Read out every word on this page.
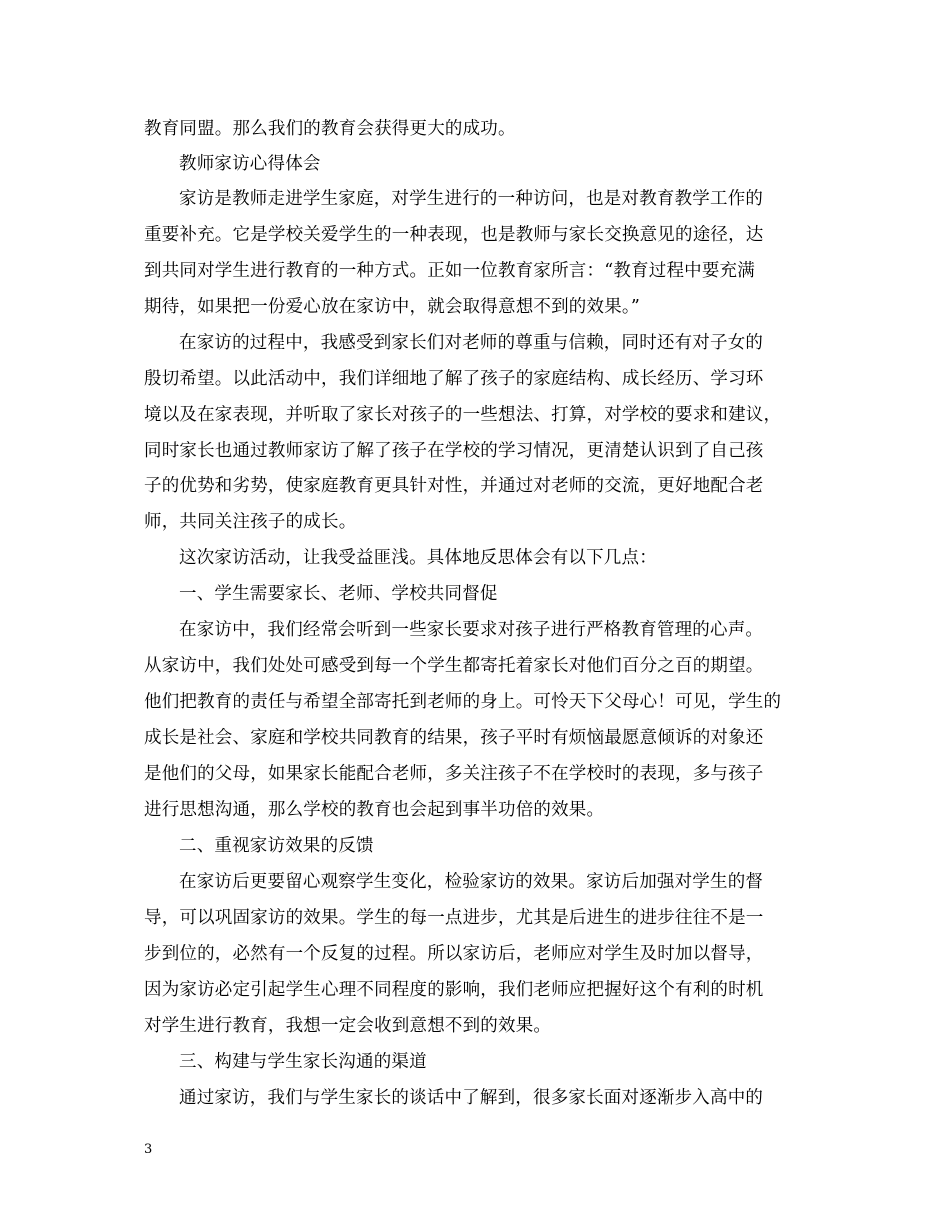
教育同盟。那么我们的教育会获得更大的成功。
教师家访心得体会
家访是教师走进学生家庭，对学生进行的一种访问，也是对教育教学工作的
重要补充。它是学校关爱学生的一种表现，也是教师与家长交换意见的途径，达
到共同对学生进行教育的一种方式。正如一位教育家所言：“教育过程中要充满
期待，如果把一份爱心放在家访中，就会取得意想不到的效果。”
在家访的过程中，我感受到家长们对老师的尊重与信赖，同时还有对子女的
殷切希望。以此活动中，我们详细地了解了孩子的家庭结构、成长经历、学习环
境以及在家表现，并听取了家长对孩子的一些想法、打算，对学校的要求和建议，
同时家长也通过教师家访了解了孩子在学校的学习情况，更清楚认识到了自己孩
子的优势和劣势，使家庭教育更具针对性，并通过对老师的交流，更好地配合老
师，共同关注孩子的成长。
这次家访活动，让我受益匪浅。具体地反思体会有以下几点：
一、学生需要家长、老师、学校共同督促
在家访中，我们经常会听到一些家长要求对孩子进行严格教育管理的心声。
从家访中，我们处处可感受到每一个学生都寄托着家长对他们百分之百的期望。
他们把教育的责任与希望全部寄托到老师的身上。可怜天下父母心！可见，学生的
成长是社会、家庭和学校共同教育的结果，孩子平时有烦恼最愿意倾诉的对象还
是他们的父母，如果家长能配合老师，多关注孩子不在学校时的表现，多与孩子
进行思想沟通，那么学校的教育也会起到事半功倍的效果。
二、重视家访效果的反馈
在家访后更要留心观察学生变化，检验家访的效果。家访后加强对学生的督
导，可以巩固家访的效果。学生的每一点进步，尤其是后进生的进步往往不是一
步到位的，必然有一个反复的过程。所以家访后，老师应对学生及时加以督导，
因为家访必定引起学生心理不同程度的影响，我们老师应把握好这个有利的时机
对学生进行教育，我想一定会收到意想不到的效果。
三、构建与学生家长沟通的渠道
通过家访，我们与学生家长的谈话中了解到，很多家长面对逐渐步入高中的
3
